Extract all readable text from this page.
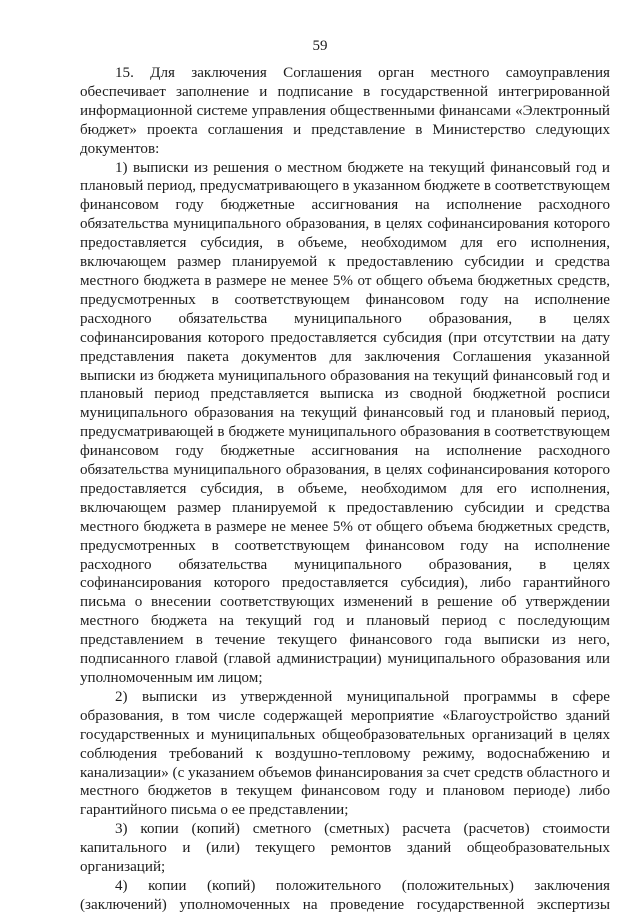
59
15. Для заключения Соглашения орган местного самоуправления
обеспечивает заполнение и подписание в государственной интегрированной
информационной системе управления общественными финансами «Электронный
бюджет» проекта соглашения и представление в Министерство следующих
документов:
1) выписки из решения о местном бюджете на текущий финансовый год и
плановый период, предусматривающего в указанном бюджете в соответствующем
финансовом году бюджетные ассигнования на исполнение расходного
обязательства муниципального образования, в целях софинансирования которого
предоставляется субсидия, в объеме, необходимом для его исполнения,
включающем размер планируемой к предоставлению субсидии и средства
местного бюджета в размере не менее 5% от общего объема бюджетных средств,
предусмотренных в соответствующем финансовом году на исполнение
расходного обязательства муниципального образования, в целях
софинансирования которого предоставляется субсидия (при отсутствии на дату
представления пакета документов для заключения Соглашения указанной
выписки из бюджета муниципального образования на текущий финансовый год и
плановый период представляется выписка из сводной бюджетной росписи
муниципального образования на текущий финансовый год и плановый период,
предусматривающей в бюджете муниципального образования в соответствующем
финансовом году бюджетные ассигнования на исполнение расходного
обязательства муниципального образования, в целях софинансирования которого
предоставляется субсидия, в объеме, необходимом для его исполнения,
включающем размер планируемой к предоставлению субсидии и средства
местного бюджета в размере не менее 5% от общего объема бюджетных средств,
предусмотренных в соответствующем финансовом году на исполнение
расходного обязательства муниципального образования, в целях
софинансирования которого предоставляется субсидия), либо гарантийного
письма о внесении соответствующих изменений в решение об утверждении
местного бюджета на текущий год и плановый период с последующим
представлением в течение текущего финансового года выписки из него,
подписанного главой (главой администрации) муниципального образования или
уполномоченным им лицом;
2) выписки из утвержденной муниципальной программы в сфере
образования, в том числе содержащей мероприятие «Благоустройство зданий
государственных и муниципальных общеобразовательных организаций в целях
соблюдения требований к воздушно-тепловому режиму, водоснабжению и
канализации» (с указанием объемов финансирования за счет средств областного и
местного бюджетов в текущем финансовом году и плановом периоде) либо
гарантийного письма о ее представлении;
3) копии (копий) сметного (сметных) расчета (расчетов) стоимости
капитального и (или) текущего ремонтов зданий общеобразовательных
организаций;
4) копии (копий) положительного (положительных) заключения
(заключений) уполномоченных на проведение государственной экспертизы
